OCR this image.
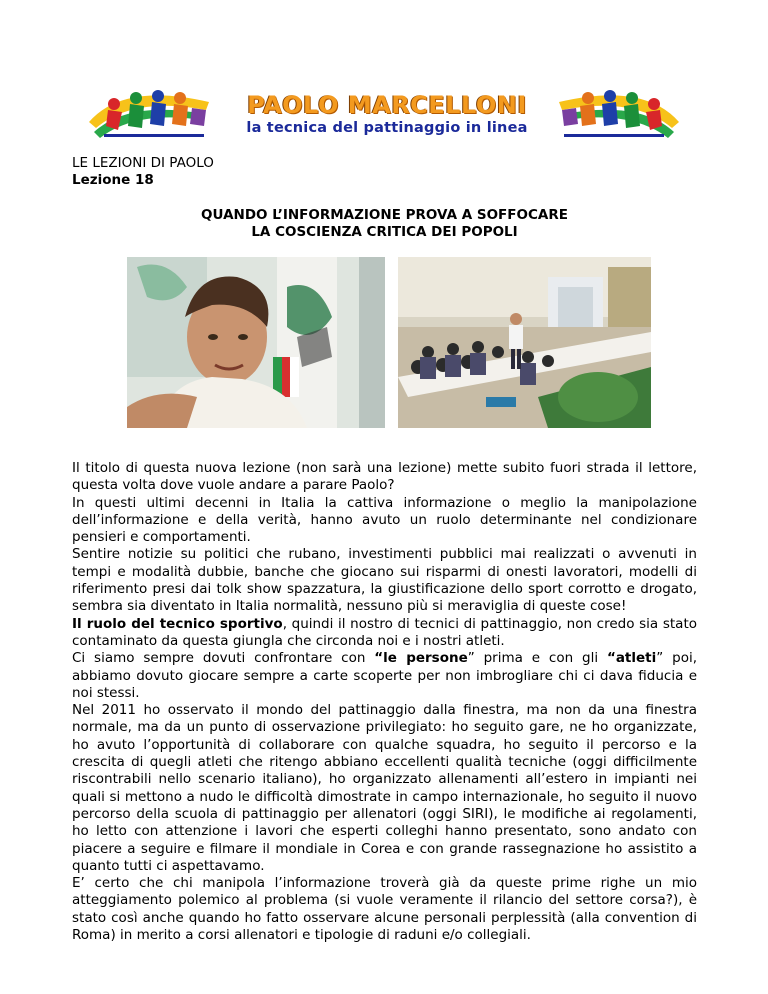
PAOLO MARCELLONI
la tecnica del pattinaggio in linea
LE LEZIONI DI PAOLO
Lezione 18
QUANDO L’INFORMAZIONE PROVA A SOFFOCARE
LA COSCIENZA CRITICA DEI POPOLI

Il titolo di questa nuova lezione (non sarà una lezione) mette subito fuori strada il lettore, questa volta dove vuole andare a parare Paolo?

In questi ultimi decenni in Italia la cattiva informazione o meglio la manipolazione dell’informazione e della verità, hanno avuto un ruolo determinante nel condizionare pensieri e comportamenti.

Sentire notizie su politici che rubano, investimenti pubblici mai realizzati o avvenuti in tempi e modalità dubbie, banche che giocano sui risparmi di onesti lavoratori, modelli di riferimento presi dai tolk show spazzatura, la giustificazione dello sport corrotto e drogato, sembra sia diventato in Italia normalità, nessuno più si meraviglia di queste cose!

Il ruolo del tecnico sportivo, quindi il nostro di tecnici di pattinaggio, non credo sia stato contaminato da questa giungla che circonda noi e i nostri atleti.

Ci siamo sempre dovuti confrontare con “le persone” prima e con gli “atleti” poi, abbiamo dovuto giocare sempre a carte scoperte per non imbrogliare chi ci dava fiducia e noi stessi.

Nel 2011 ho osservato il mondo del pattinaggio dalla finestra, ma non da una finestra normale, ma da un punto di osservazione privilegiato: ho seguito gare, ne ho organizzate, ho avuto l’opportunità di collaborare con qualche squadra, ho seguito il percorso e la crescita di quegli atleti che ritengo abbiano eccellenti qualità tecniche (oggi difficilmente riscontrabili nello scenario italiano), ho organizzato allenamenti all’estero in impianti nei quali si mettono a nudo le difficoltà dimostrate in campo internazionale, ho seguito il nuovo percorso della scuola di pattinaggio per allenatori (oggi SIRI), le modifiche ai regolamenti, ho letto con attenzione i lavori che esperti colleghi hanno presentato, sono andato con piacere a seguire e filmare il mondiale in Corea e con grande rassegnazione ho assistito a quanto tutti ci aspettavamo.

E’ certo che chi manipola l’informazione troverà già da queste prime righe un mio atteggiamento polemico al problema (si vuole veramente il rilancio del settore corsa?), è stato così anche quando ho fatto osservare alcune personali perplessità (alla convention di Roma) in merito a corsi allenatori e tipologie di raduni e/o collegiali.
